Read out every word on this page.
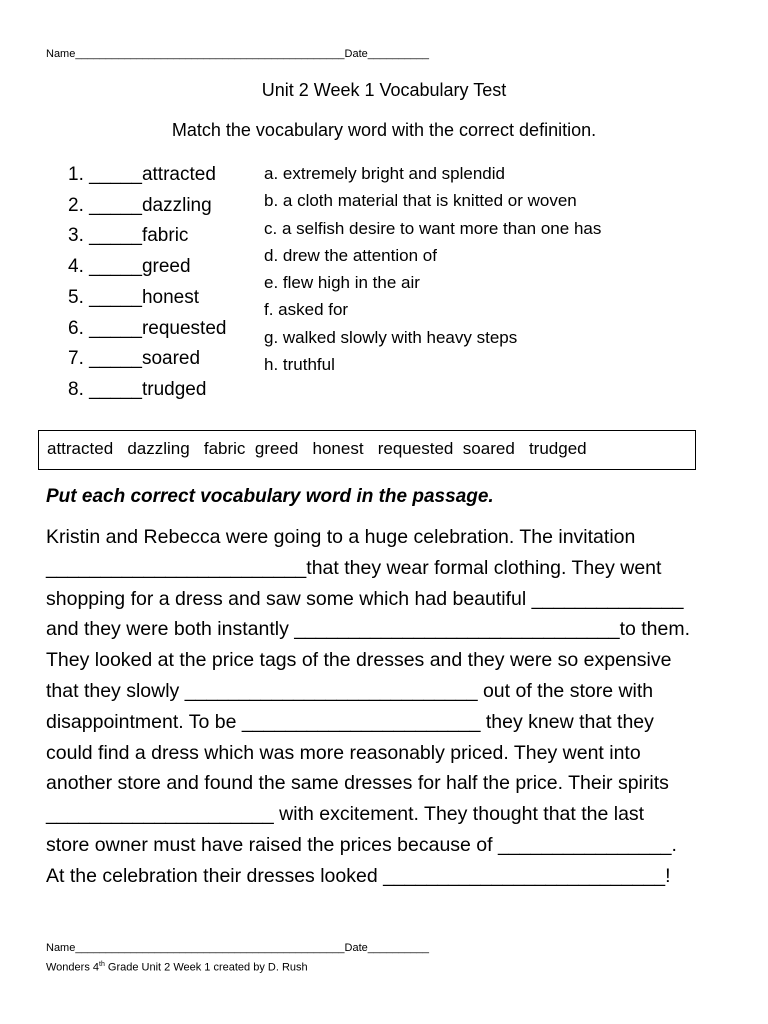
Name____________________________________________Date__________
Unit 2 Week 1 Vocabulary Test
Match the vocabulary word with the correct definition.
1. _____attracted
2. _____dazzling
3. _____fabric
4. _____greed
5. _____honest
6. _____requested
7. _____soared
8. _____trudged
a. extremely bright and splendid
b. a cloth material that is knitted or woven
c. a selfish desire to want more than one has
d. drew the attention of
e. flew high in the air
f. asked for
g. walked slowly with heavy steps
h. truthful
attracted   dazzling   fabric  greed   honest   requested  soared   trudged
Put each correct vocabulary word in the passage.
Kristin and Rebecca were going to a huge celebration. The invitation
________________________that they wear formal clothing. They went
shopping for a dress and saw some which had beautiful ______________
and they were both instantly ______________________________to them.
They looked at the price tags of the dresses and they were so expensive
that they slowly ___________________________ out of the store with
disappointment. To be ______________________ they knew that they
could find a dress which was more reasonably priced. They went into
another store and found the same dresses for half the price. Their spirits
_____________________ with excitement. They thought that the last
store owner must have raised the prices because of ________________.
At the celebration their dresses looked __________________________!
Name____________________________________________Date__________
Wonders 4th Grade Unit 2 Week 1 created by D. Rush
